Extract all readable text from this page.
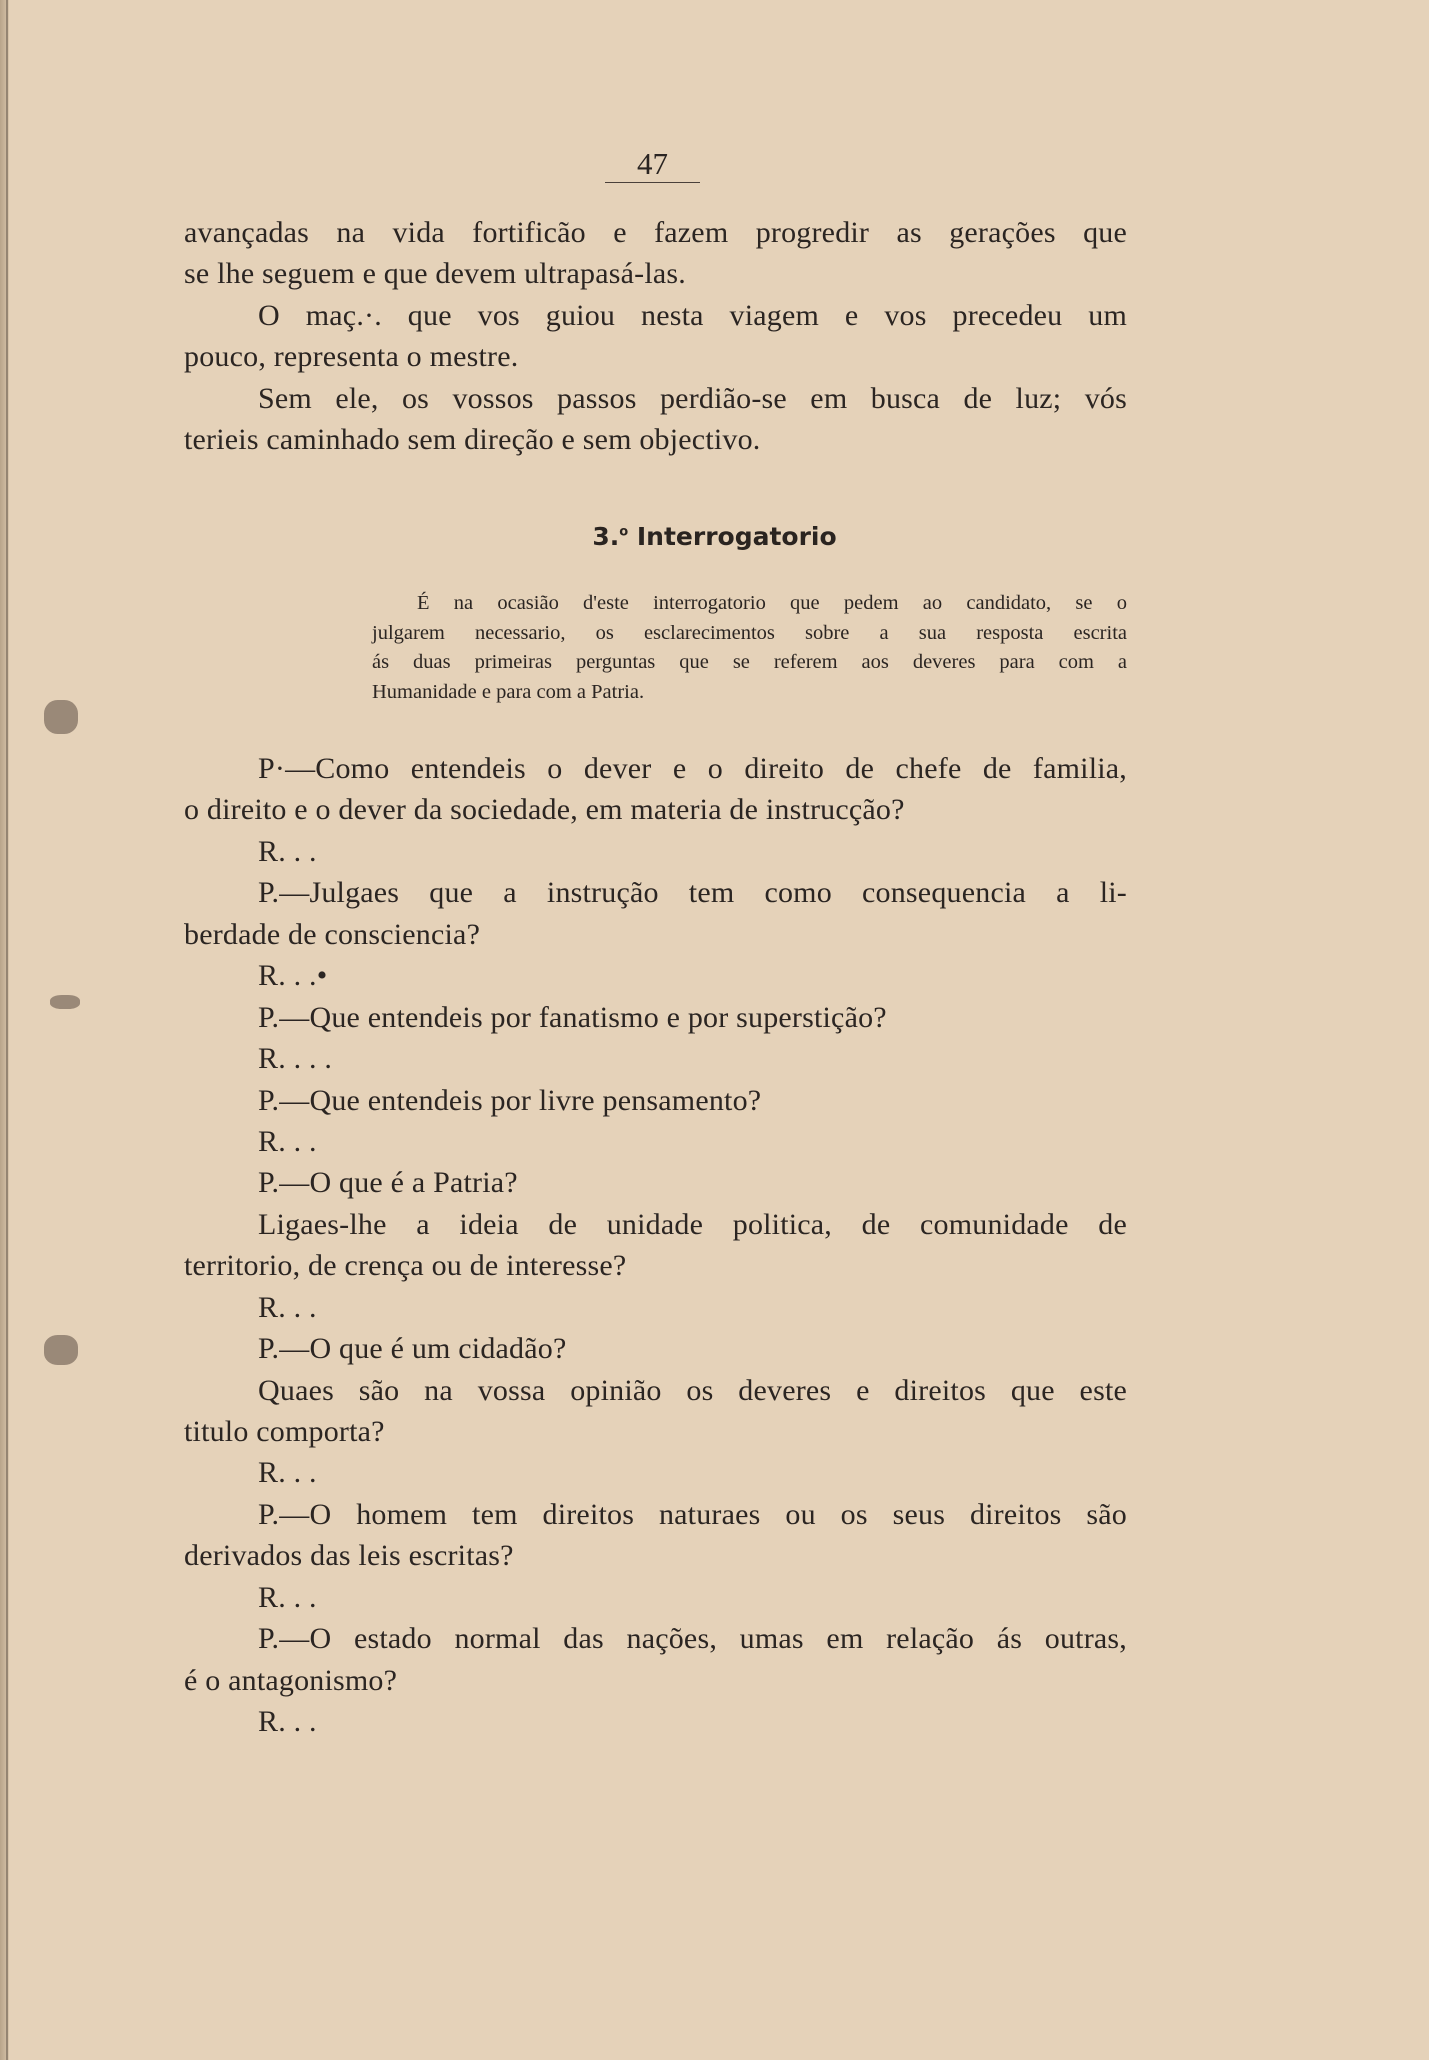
47
avançadas na vida fortificão e fazem progredir as gerações que
se lhe seguem e que devem ultrapasá-las.
O maç.·. que vos guiou nesta viagem e vos precedeu um
pouco, representa o mestre.
Sem ele, os vossos passos perdião-se em busca de luz; vós
terieis caminhado sem direção e sem objectivo.
3.$^o$ Interrogatorio
É na ocasião d'este interrogatorio que pedem ao candidato, se o
julgarem necessario, os esclarecimentos sobre a sua resposta escrita
ás duas primeiras perguntas que se referem aos deveres para com a
Humanidade e para com a Patria.
P·—Como entendeis o dever e o direito de chefe de familia,
o direito e o dever da sociedade, em materia de instrucção?
R. . .
P.—Julgaes que a instrução tem como consequencia a li-
berdade de consciencia?
R. . .•
P.—Que entendeis por fanatismo e por superstição?
R. . . .
P.—Que entendeis por livre pensamento?
R. . .
P.—O que é a Patria?
Ligaes-lhe a ideia de unidade politica, de comunidade de
territorio, de crença ou de interesse?
R. . .
P.—O que é um cidadão?
Quaes são na vossa opinião os deveres e direitos que este
titulo comporta?
R. . .
P.—O homem tem direitos naturaes ou os seus direitos são
derivados das leis escritas?
R. . .
P.—O estado normal das nações, umas em relação ás outras,
é o antagonismo?
R. . .
